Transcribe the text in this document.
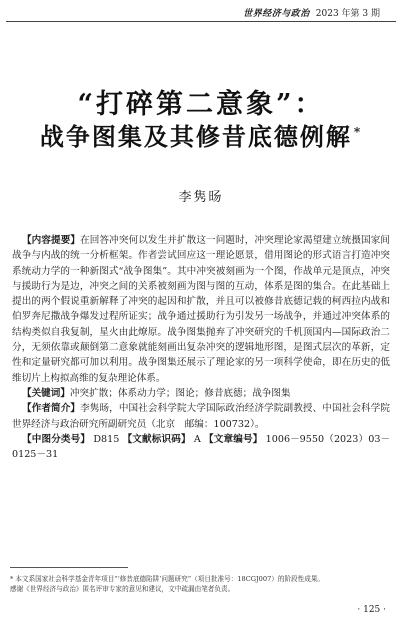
世界经济与政治 2023 年第 3 期
“打碎第二意象”：
战争图集及其修昔底德例解 *
李隽旸

【内容提要】在回答冲突何以发生并扩散这一问题时，冲突理论家渴望建立统摄国家间战争与内战的统一分析框架。作者尝试回应这一理论愿景，借用图论的形式语言打造冲突系统动力学的一种新图式“战争图集”。其中冲突被刻画为一个图，作战单元是顶点，冲突与援助行为是边，冲突之间的关系被刻画为图与图的互动，体系是图的集合。在此基础上提出的两个假说重新解释了冲突的起因和扩散，并且可以被修昔底德记载的柯西拉内战和伯罗奔尼撒战争爆发过程所证实；战争通过援助行为引发另一场战争，并通过冲突体系的结构类似自我复制，星火由此燎原。战争图集抛弃了冲突研究的千机顶国内—国际政治二分，无须依靠或颠倒第二意象就能刻画出复杂冲突的逻辑地形图，是图式层次的革新，定性和定量研究都可加以利用。战争图集还展示了理论家的另一项科学使命，即在历史的低维切片上构拟高维的复杂理论体系。

【关键词】冲突扩散；体系动力学；图论；修昔底德；战争图集

【作者简介】李隽旸，中国社会科学院大学国际政治经济学院副教授、中国社会科学院世界经济与政治研究所副研究员（北京　邮编：100732）。

【中图分类号】 D815 【文献标识码】 A 【文章编号】 1006－9550（2023）03－0125－31

* 本文系国家社会科学基金青年项目“‘修昔底德陷阱’问题研究”（项目批准号：18CGJ007）的阶段性成果。

感谢《世界经济与政治》匿名评审专家的意见和建议，文中疏漏由笔者负责。

· 125 ·
